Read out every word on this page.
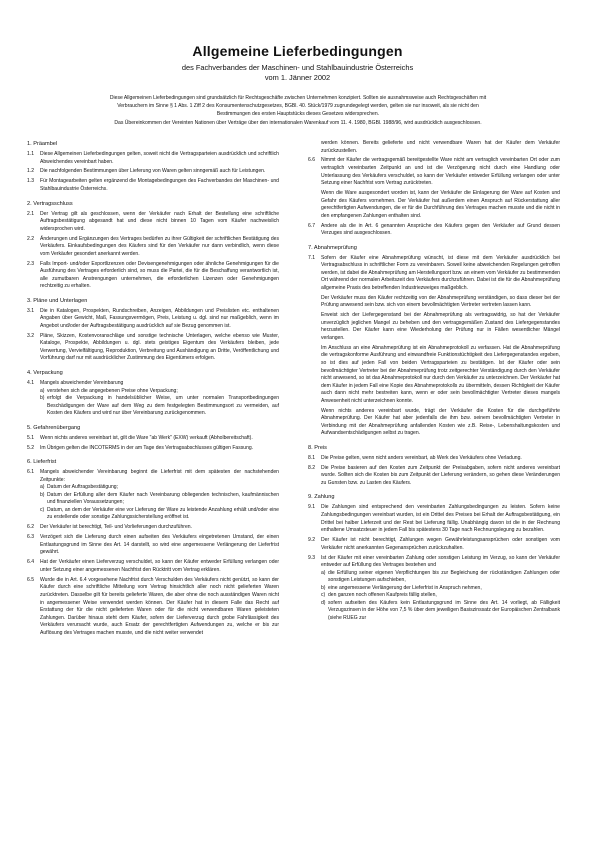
Allgemeine Lieferbedingungen
des Fachverbandes der Maschinen- und Stahlbauindustrie Österreichs
vom 1. Jänner 2002
Diese Allgemeinen Lieferbedingungen sind grundsätzlich für Rechtsgeschäfte zwischen Unternehmen konzipiert. Sollten sie ausnahmsweise auch Rechtsgeschäften mit
Verbrauchern im Sinne § 1 Abs. 1 Ziff 2 des Konsumentenschutzgesetzes, BGBl. 40. Stück/1979 zugrundegelegt werden, gelten sie nur insoweit, als sie nicht den
Bestimmungen des ersten Hauptstücks dieses Gesetzes widersprechen.
Das Übereinkommen der Vereinten Nationen über Verträge über den internationalen Warenkauf vom 11. 4. 1980, BGBl. 1988/96, wird ausdrücklich ausgeschlossen.
1. Präambel
1.1	Diese Allgemeinen Lieferbedingungen gelten, soweit nicht die Vertragsparteien ausdrücklich und schriftlich Abweichendes vereinbart haben.
1.2	Die nachfolgenden Bestimmungen über Lieferung von Waren gelten sinngemäß auch für Leistungen.
1.3	Für Montagearbeiten gelten ergänzend die Montagebedingungen des Fachverbandes der Maschinen- und Stahlbauindustrie Österreichs.
2. Vertragsschluss
2.1	Der Vertrag gilt als geschlossen, wenn der Verkäufer nach Erhalt der Bestellung eine schriftliche Auftragsbestätigung abgesandt hat und diese nicht binnen 10 Tagen vom Käufer nachweislich widersprochen wird.
2.2	Änderungen und Ergänzungen des Vertrages bedürfen zu ihrer Gültigkeit der schriftlichen Bestätigung des Verkäufers. Einkaufsbedingungen des Käufers sind für den Verkäufer nur dann verbindlich, wenn diese vom Verkäufer gesondert anerkannt werden.
2.3	Falls Import- und/oder Exportlizenzen oder Devisengenehmigungen oder ähnliche Genehmigungen für die Ausführung des Vertrages erforderlich sind, so muss die Partei, die für die Beschaffung verantwortlich ist, alle zumutbaren Anstrengungen unternehmen, die erforderlichen Lizenzen oder Genehmigungen rechtzeitig zu erhalten.
3. Pläne und Unterlagen
3.1	Die in Katalogen, Prospekten, Rundschreiben, Anzeigen, Abbildungen und Preislisten etc. enthaltenen Angaben über Gewicht, Maß, Fassungsvermögen, Preis, Leistung u. dgl. sind nur maßgeblich, wenn im Angebot und/oder der Auftragsbestätigung ausdrücklich auf sie Bezug genommen ist.
3.2	Pläne, Skizzen, Kostenvoranschläge und sonstige technische Unterlagen, welche ebenso wie Muster, Kataloge, Prospekte, Abbildungen u. dgl. stets geistiges Eigentum des Verkäufers bleiben, jede Verwertung, Vervielfältigung, Reproduktion, Verbreitung und Aushändigung an Dritte, Veröffentlichung und Vorführung darf nur mit ausdrücklicher Zustimmung des Eigentümers erfolgen.
4. Verpackung
4.1	Mangels abweichender Vereinbarung
a) verstehen sich die angegebenen Preise ohne Verpackung;
b) erfolgt die Verpackung in handelsüblicher Weise, um unter normalen Transportbedingungen Beschädigungen der Ware auf dem Weg zu dem festgelegten Bestimmungsort zu vermeiden, auf Kosten des Käufers und wird nur über Vereinbarung zurückgenommen.
5. Gefahrenübergang
5.1	Wenn nichts anderes vereinbart ist, gilt die Ware "ab Werk" (EXW) verkauft (Abholbereitschaft).
5.2	Im Übrigen gelten die INCOTERMS in der am Tage des Vertragsabschlusses gültigen Fassung.
6. Lieferfrist
6.1	Mangels abweichender Vereinbarung beginnt die Lieferfrist mit dem spätesten der nachstehenden Zeitpunkte:
a) Datum der Auftragsbestätigung;
b) Datum der Erfüllung aller dem Käufer nach Vereinbarung obliegenden technischen, kaufmännischen und finanziellen Voraussetzungen;
c) Datum, an dem der Verkäufer eine vor Lieferung der Ware zu leistende Anzahlung erhält und/oder eine zu erstellende oder sonstige Zahlungssicherstellung eröffnet ist.
6.2	Der Verkäufer ist berechtigt, Teil- und Vorlieferungen durchzuführen.
6.3	Verzögert sich die Lieferung durch einen aufseiten des Verkäufers eingetretenen Umstand, der einen Entlastungsgrund im Sinne des Art. 14 darstellt, so wird eine angemessene Verlängerung der Lieferfrist gewährt.
6.4	Hat der Verkäufer einen Lieferverzug verschuldet, so kann der Käufer entweder Erfüllung verlangen oder unter Setzung einer angemessenen Nachfrist den Rücktritt vom Vertrag erklären.
6.5	Wurde die in Art. 6.4 vorgesehene Nachfrist durch Verschulden des Verkäufers nicht genützt, so kann der Käufer durch eine schriftliche Mitteilung vom Vertrag hinsichtlich aller noch nicht gelieferten Waren zurücktreten. Dasselbe gilt für bereits gelieferte Waren, die aber ohne die noch ausständigen Waren nicht in angemessener Weise verwendet werden können. Der Käufer hat in diesem Falle das Recht auf Erstattung der für die nicht gelieferten Waren oder für die nicht verwendbaren Waren geleisteten Zahlungen. Darüber hinaus steht dem Käufer, sofern der Lieferverzug durch grobe Fahrlässigkeit des Verkäufers verursacht wurde, auch Ersatz der gerechtfertigten Aufwendungen zu, welche er bis zur Auflösung des Vertrages machen musste, und die nicht weiter verwendet
werden können. Bereits gelieferte und nicht verwendbare Waren hat der Käufer dem Verkäufer zurückzustellen.
6.6	Nimmt der Käufer die vertragsgemäß bereitgestellte Ware nicht am vertraglich vereinbarten Ort oder zum vertraglich vereinbarten Zeitpunkt an und ist die Verzögerung nicht durch eine Handlung oder Unterlassung des Verkäufers verschuldet, so kann der Verkäufer entweder Erfüllung verlangen oder unter Setzung einer Nachfrist vom Vertrag zurücktreten.
Wenn die Ware ausgesondert worden ist, kann der Verkäufer die Einlagerung der Ware auf Kosten und Gefahr des Käufers vornehmen. Der Verkäufer hat außerdem einen Anspruch auf Rückerstattung aller gerechtfertigten Aufwendungen, die er für die Durchführung des Vertrages machen musste und die nicht in den empfangenen Zahlungen enthalten sind.
6.7	Andere als die in Art. 6 genannten Ansprüche des Käufers gegen den Verkäufer auf Grund dessen Verzuges sind ausgeschlossen.
7. Abnahmeprüfung
7.1	Sofern der Käufer eine Abnahmeprüfung wünscht, ist diese mit dem Verkäufer ausdrücklich bei Vertragsabschluss in schriftlicher Form zu vereinbaren. Soweil keine abweichenden Regelungen getroffen werden, ist dabei die Abnahmeprüfung am Herstellungsort bzw. an einem vom Verkäufer zu bestimmenden Ort während der normalen Arbeitszeit des Verkäufers durchzuführen. Dabei ist die für die Abnahmeprüfung allgemeine Praxis des betreffenden Industriezweiges maßgeblich.
Der Verkäufer muss den Käufer rechtzeitig von der Abnahmeprüfung verständigen, so dass dieser bei der Prüfung anwesend sein bzw. sich von einem bevollmächtigten Vertreter vertreten lassen kann.
Erweist sich der Liefergegenstand bei der Abnahmeprüfung als vertragswidrig, so hat der Verkäufer unverzüglich jeglichen Mangel zu beheben und den vertragsgemäßen Zustand des Liefergegenstandes herzustellen. Der Käufer kann eine Wiederholung der Prüfung nur in Fällen wesentlicher Mängel verlangen.
Im Anschluss an eine Abnahmeprüfung ist ein Abnahmeprotokoll zu verfassen. Hat die Abnahmeprüfung die vertragskonforme Ausführung und einwandfreie Funktionstüchtigkeit des Liefergegenstandes ergeben, so ist dies auf jeden Fall von beiden Vertragsparteien zu bestätigen. Ist der Käufer oder sein bevollmächtigter Vertreter bei der Abnahmeprüfung trotz zeitgerechter Verständigung durch den Verkäufer nicht anwesend, so ist das Abnahmeprotokoll nur durch den Verkäufer zu unterzeichnen. Der Verkäufer hat dem Käufer in jedem Fall eine Kopie des Abnahmeprotokolls zu übermitteln, dessen Richtigkeit der Käufer auch dann nicht mehr bestreiten kann, wenn er oder sein bevollmächtigter Vertreter dieses mangels Anwesenheit nicht unterzeichnen konnte.
Wenn nichts anderes vereinbart wurde, trägt der Verkäufer die Kosten für die durchgeführte Abnahmeprüfung. Der Käufer hat aber jedenfalls die ihm bzw. seinem bevollmächtigten Vertreter in Verbindung mit der Abnahmeprüfung anfallenden Kosten wie z.B. Reise-, Lebenshaltungskosten und Aufwandsentschädigungen selbst zu tragen.
8. Preis
8.1	Die Preise gelten, wenn nicht anders vereinbart, ab Werk des Verkäufers ohne Verladung.
8.2	Die Preise basieren auf den Kosten zum Zeitpunkt der Preisabgaben, sofern nicht anderes vereinbart wurde. Sollten sich die Kosten bis zum Zeitpunkt der Lieferung verändern, so gehen diese Veränderungen zu Gunsten bzw. zu Lasten des Käufers.
9. Zahlung
9.1	Die Zahlungen sind entsprechend den vereinbarten Zahlungsbedingungen zu leisten. Sofern keine Zahlungsbedingungen vereinbart wurden, ist ein Drittel des Preises bei Erhalt der Auftragsbestätigung, ein Drittel bei halber Lieferzeit und der Rest bei Lieferung fällig. Unabhängig davon ist die in der Rechnung enthaltene Umsatzsteuer in jedem Fall bis spätestens 30 Tage nach Rechnungslegung zu bezahlen.
9.2	Der Käufer ist nicht berechtigt, Zahlungen wegen Gewährleistungsansprüchen oder sonstigen vom Verkäufer nicht anerkannten Gegenansprüchen zurückzuhalten.
9.3	Ist der Käufer mit einer vereinbarten Zahlung oder sonstigen Leistung im Verzug, so kann der Verkäufer entweder auf Erfüllung des Vertrages bestehen und
a) die Erfüllung seiner eigenen Verpflichtungen bis zur Begleichung der rückständigen Zahlungen oder sonstigen Leistungen aufschieben,
b) eine angemessene Verlängerung der Lieferfrist in Anspruch nehmen,
c) den ganzen noch offenen Kaufpreis fällig stellen,
d) sofern aufseiten des Käufers kein Entlastungsgrund im Sinne des Art. 14 vorliegt, ab Fälligkeit Verzugszinsen in der Höhe von 7,5 % über dem jeweiligen Basiszinssatz der Europäischen Zentralbank (siehe RUEG zur
